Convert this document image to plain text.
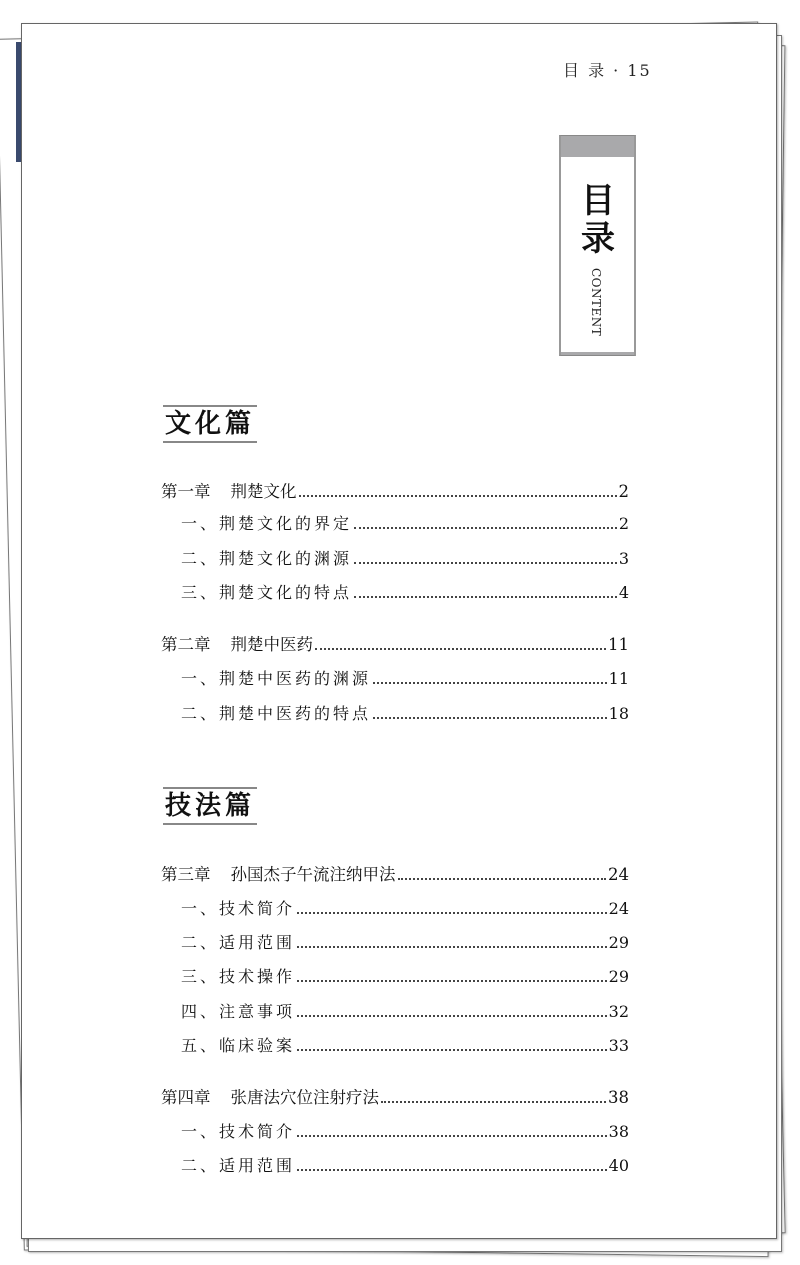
目 录 · 15
目录
CONTENT
文化篇
第一章 荆楚文化	2
一、荆楚文化的界定	2
二、荆楚文化的渊源	3
三、荆楚文化的特点	4
第二章 荆楚中医药	11
一、荆楚中医药的渊源	11
二、荆楚中医药的特点	18
技法篇
第三章 孙国杰子午流注纳甲法	24
一、技术简介	24
二、适用范围	29
三、技术操作	29
四、注意事项	32
五、临床验案	33
第四章 张唐法穴位注射疗法	38
一、技术简介	38
二、适用范围	40
